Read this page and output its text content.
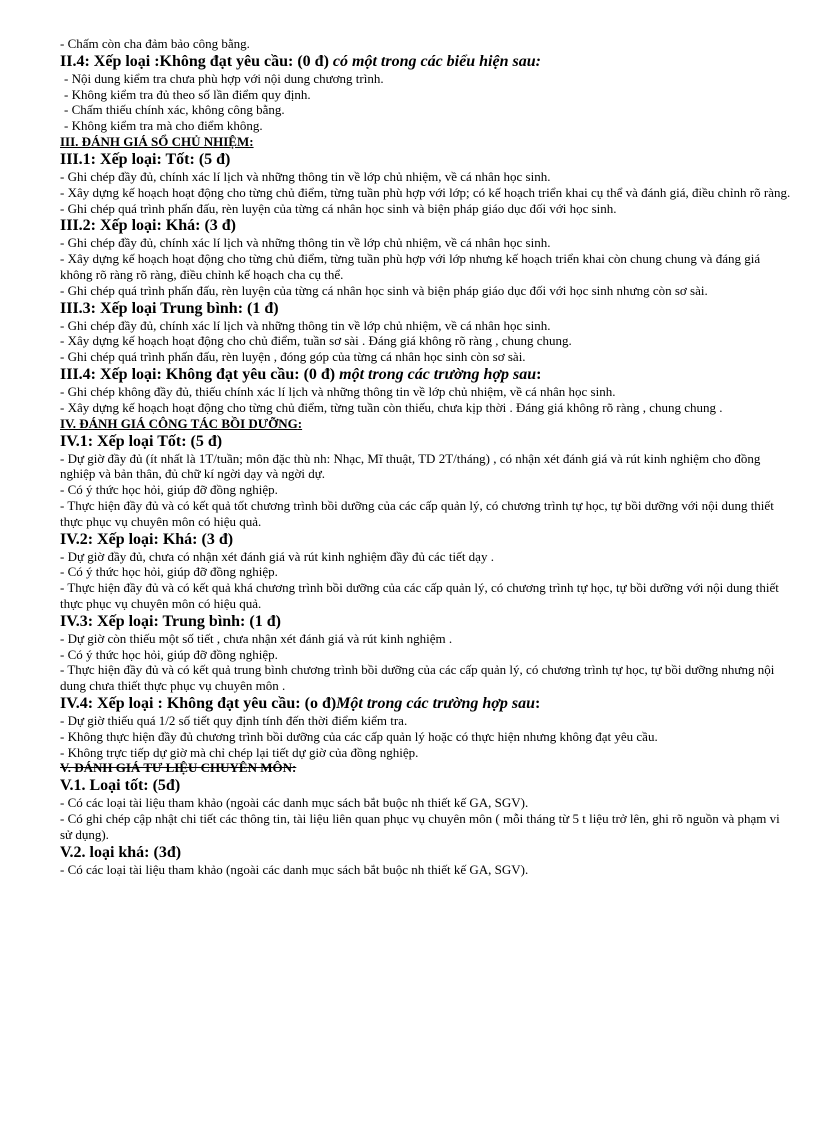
- Chấm còn cha đảm bảo công bằng.
II.4: Xếp loại :Không đạt yêu cầu: (0 đ) có một trong các biểu hiện sau:
- Nội dung kiểm tra chưa phù hợp với nội dung chương trình.
- Không kiểm tra đủ theo số lần điểm quy định.
- Chấm thiếu chính xác, không công bằng.
- Không kiểm tra mà cho điểm không.
III. ĐÁNH GIÁ SỔ CHỦ NHIỆM:
III.1: Xếp loại: Tốt: (5 đ)
- Ghi chép đầy đủ, chính xác lí lịch và những thông tin về lớp chủ nhiệm, về cá nhân học sinh.
- Xây dựng kế hoạch hoạt động cho từng chủ điểm, từng tuần phù hợp với lớp; có kế hoạch triển khai cụ thể và đánh giá, điều chỉnh rõ ràng.
- Ghi chép quá trình phấn đấu, rèn luyện của từng cá nhân học sinh và biện pháp giáo dục đối với học sinh.
III.2: Xếp loại: Khá: (3 đ)
- Ghi chép đầy đủ, chính xác lí lịch và những thông tin về lớp chủ nhiệm, về cá nhân học sinh.
- Xây dựng kế hoạch hoạt động cho từng chủ điểm, từng tuần phù hợp với lớp nhưng kế hoạch triển khai còn chung chung và đáng giá không rõ ràng rõ ràng, điều chỉnh kế hoạch cha cụ thể.
- Ghi chép quá trình phấn đấu, rèn luyện của từng cá nhân học sinh và biện pháp giáo dục đối với học sinh nhưng còn sơ sài.
III.3: Xếp loại Trung bình: (1 đ)
- Ghi chép đầy đủ, chính xác lí lịch và những thông tin về lớp chủ nhiệm, về cá nhân học sinh.
- Xây dựng kế hoạch hoạt động cho chủ điểm, tuần sơ sài . Đáng giá không rõ ràng , chung chung.
- Ghi chép quá trình phấn đấu, rèn luyện , đóng góp của từng cá nhân học sinh còn sơ sài.
III.4: Xếp loại: Không đạt yêu cầu: (0 đ) một trong các trường hợp sau:
- Ghi chép không đầy đủ, thiếu chính xác lí lịch và những thông tin về lớp chủ nhiệm, về cá nhân học sinh.
- Xây dựng kế hoạch hoạt động cho từng chủ điểm, từng tuần còn thiếu, chưa kịp thời . Đáng giá không rõ ràng , chung chung .
IV. ĐÁNH GIÁ CÔNG TÁC BỒI DƯỠNG:
IV.1: Xếp loại Tốt: (5 đ)
- Dự giờ đầy đủ (ít nhất là 1T/tuần; môn đặc thù nh: Nhạc, Mĩ thuật, TD 2T/tháng) , có nhận xét đánh giá và rút kinh nghiệm cho đồng nghiệp và bản thân, đủ chữ kí ngời dạy và ngời dự.
- Có ý thức học hỏi, giúp đỡ đồng nghiệp.
- Thực hiện đầy đủ và có kết quả tốt chương trình bồi dưỡng của các cấp quản lý, có chương trình tự học, tự bồi dưỡng với nội dung thiết thực phục vụ chuyên môn có hiệu quả.
IV.2: Xếp loại: Khá: (3 đ)
- Dự giờ đầy đủ, chưa có nhận xét đánh giá và rút kinh nghiệm đầy đủ các tiết dạy .
- Có ý thức học hỏi, giúp đỡ đồng nghiệp.
- Thực hiện đầy đủ và có kết quả khá chương trình bồi dưỡng của các cấp quản lý, có chương trình tự học, tự bồi dưỡng với nội dung thiết thực phục vụ chuyên môn có hiệu quả.
IV.3: Xếp loại: Trung bình: (1 đ)
- Dự giờ còn thiếu một số tiết , chưa nhận xét đánh giá và rút kinh nghiệm .
- Có ý thức học hỏi, giúp đỡ đồng nghiệp.
- Thực hiện đầy đủ và có kết quả trung bình chương trình bồi dưỡng của các cấp quản lý, có chương trình tự học, tự bồi dưỡng nhưng nội dung chưa thiết thực phục vụ chuyên môn .
IV.4: Xếp loại : Không đạt yêu cầu: (o đ)Một trong các trường hợp sau:
- Dự giờ thiếu quá 1/2 số tiết quy định tính đến thời điểm kiểm tra.
- Không thực hiện đầy đủ chương trình bồi dưỡng của các cấp quản lý hoặc có thực hiện nhưng không đạt yêu cầu.
- Không trực tiếp dự giờ mà chỉ chép lại tiết dự giờ của đồng nghiệp.
V. ĐÁNH GIÁ TƯ LIỆU CHUYÊN MÔN:
V.1. Loại tốt: (5đ)
- Có các loại tài liệu tham khảo (ngoài các danh mục sách bắt buộc nh thiết kế GA, SGV).
- Có ghi chép cập nhật chi tiết các thông tin, tài liệu liên quan phục vụ chuyên môn ( mỗi tháng từ 5 t liệu trở lên, ghi rõ nguồn và phạm vi sử dụng).
V.2. loại khá: (3đ)
- Có các loại tài liệu tham khảo (ngoài các danh mục sách bắt buộc nh thiết kế GA, SGV).
